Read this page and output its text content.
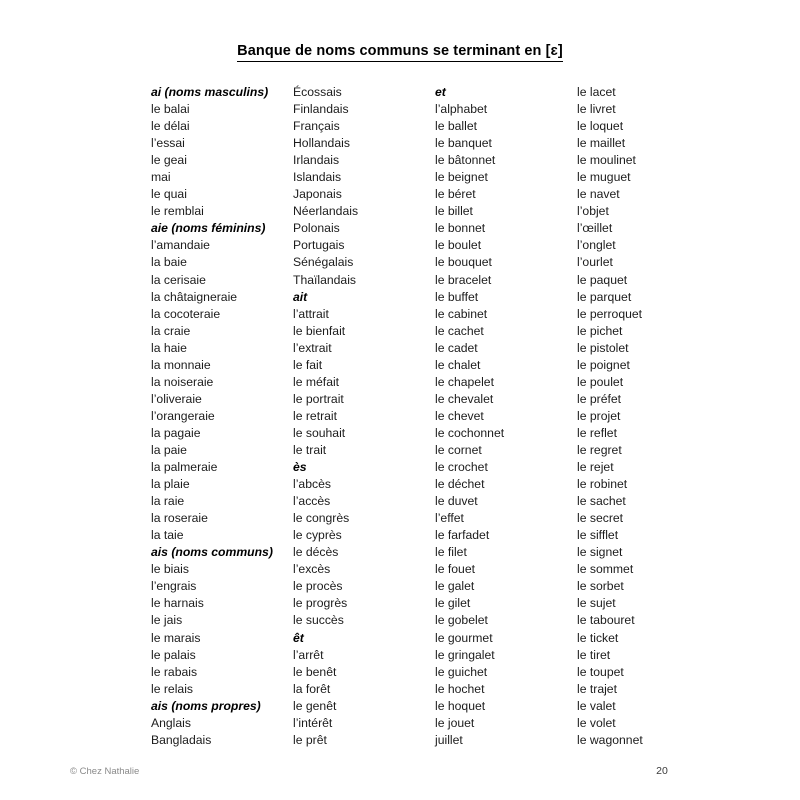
Banque de noms communs se terminant en [ɛ]
ai (noms masculins)
le balai
le délai
l’essai
le geai
mai
le quai
le remblai
aie (noms féminins)
l’amandaie
la baie
la cerisaie
la châtaigneraie
la cocoteraie
la craie
la haie
la monnaie
la noiseraie
l’oliveraie
l’orangeraie
la pagaie
la paie
la palmeraie
la plaie
la raie
la roseraie
la taie
ais (noms communs)
le biais
l’engrais
le harnais
le jais
le marais
le palais
le rabais
le relais
ais (noms propres)
Anglais
Bangladais
Écossais
Finlandais
Français
Hollandais
Irlandais
Islandais
Japonais
Néerlandais
Polonais
Portugais
Sénégalais
Thaïlandais
ait
l’attrait
le bienfait
l’extrait
le fait
le méfait
le portrait
le retrait
le souhait
le trait
ès
l’abcès
l’accès
le congrès
le cyprès
le décès
l’excès
le procès
le progrès
le succès
êt
l’arrêt
le benêt
la forêt
le genêt
l’intérêt
le prêt
et
l’alphabet
le ballet
le banquet
le bâtonnet
le beignet
le béret
le billet
le bonnet
le boulet
le bouquet
le bracelet
le buffet
le cabinet
le cachet
le cadet
le chalet
le chapelet
le chevalet
le chevet
le cochonnet
le cornet
le crochet
le déchet
le duvet
l’effet
le farfadet
le filet
le fouet
le galet
le gilet
le gobelet
le gourmet
le gringalet
le guichet
le hochet
le hoquet
le jouet
juillet
le lacet
le livret
le loquet
le maillet
le moulinet
le muguet
le navet
l’objet
l’œillet
l’onglet
l’ourlet
le paquet
le parquet
le perroquet
le pichet
le pistolet
le poignet
le poulet
le préfet
le projet
le reflet
le regret
le rejet
le robinet
le sachet
le secret
le sifflet
le signet
le sommet
le sorbet
le sujet
le tabouret
le ticket
le tiret
le toupet
le trajet
le valet
le volet
le wagonnet
© Chez Nathalie	20
